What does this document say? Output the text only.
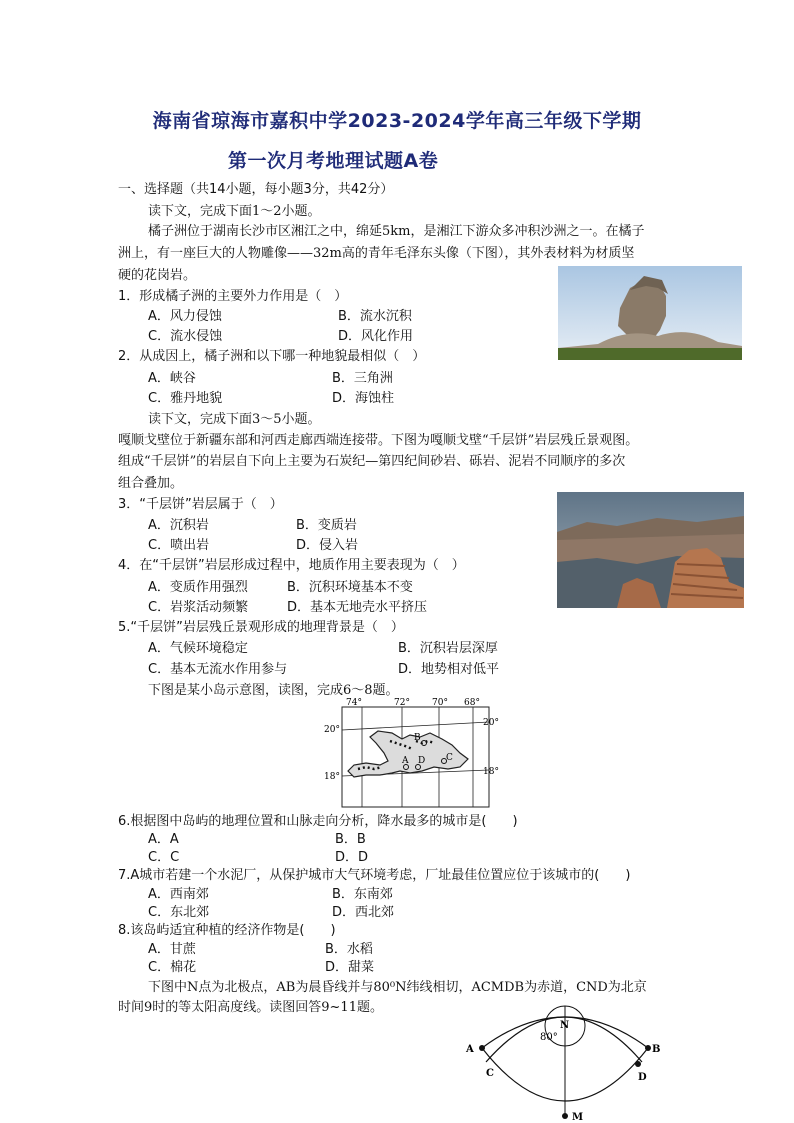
海南省琼海市嘉积中学2023-2024学年高三年级下学期
第一次月考地理试题A卷
一、选择题（共14小题，每小题3分，共42分）
读下文，完成下面1～2小题。
橘子洲位于湖南长沙市区湘江之中，绵延5km，是湘江下游众多冲积沙洲之一。在橘子
洲上，有一座巨大的人物雕像——32m高的青年毛泽东头像（下图），其外表材料为材质坚
硬的花岗岩。
1．形成橘子洲的主要外力作用是（　）
A．风力侵蚀	B．流水沉积
C．流水侵蚀	D．风化作用
2．从成因上，橘子洲和以下哪一种地貌最相似（　）
A．峡谷	B．三角洲
C．雅丹地貌	D．海蚀柱
读下文，完成下面3～5小题。
嘎顺戈壁位于新疆东部和河西走廊西端连接带。下图为嘎顺戈壁“千层饼”岩层残丘景观图。
组成“千层饼”的岩层自下向上主要为石炭纪—第四纪间砂岩、砾岩、泥岩不同顺序的多次
组合叠加。
3．“千层饼”岩层属于（　）
A．沉积岩	B．变质岩
C．喷出岩	D．侵入岩
4．在“千层饼”岩层形成过程中，地质作用主要表现为（　）
A．变质作用强烈	B．沉积环境基本不变
C．岩浆活动频繁	D．基本无地壳水平挤压
5.“千层饼”岩层残丘景观形成的地理背景是（　）
A．气候环境稳定	B．沉积岩层深厚
C．基本无流水作用参与	D．地势相对低平
下图是某小岛示意图，读图，完成6～8题。
74°	72° 70° 68°
20°
18°
20°
18°
A
B
C
D
6.根据图中岛屿的地理位置和山脉走向分析，降水最多的城市是(　　)
A．A	B．B
C．C	D．D
7.A城市若建一个水泥厂，从保护城市大气环境考虑，厂址最佳位置应位于该城市的(　　)
A．西南郊	B．东南郊
C．东北郊	D．西北郊
8.该岛屿适宜种植的经济作物是(　　)
A．甘蔗	B．水稻
C．棉花	D．甜菜
下图中N点为北极点，AB为晨昏线并与80⁰N纬线相切，ACMDB为赤道，CND为北京
时间9时的等太阳高度线。读图回答9~11题。
N
80°
A	B
C	D
M
